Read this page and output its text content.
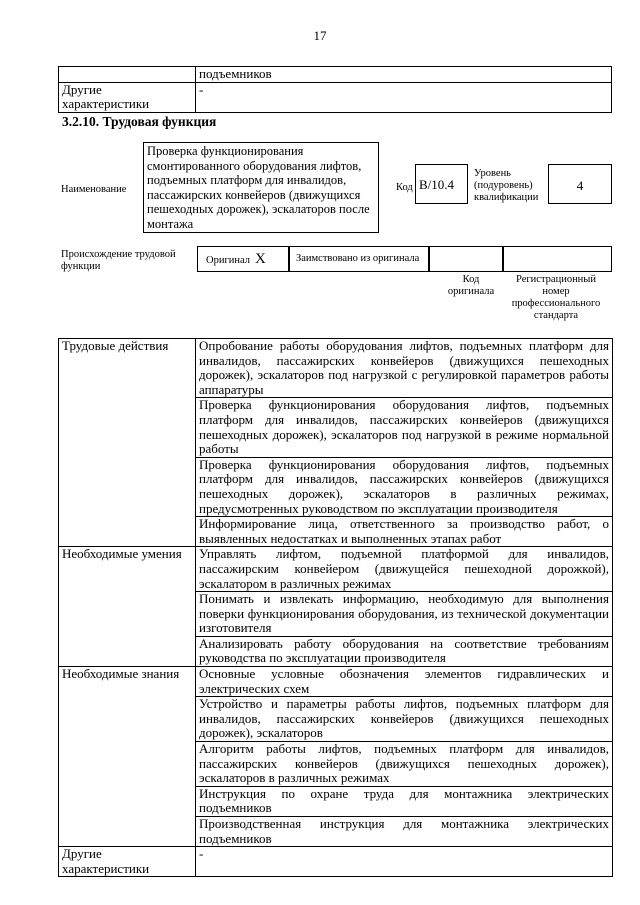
17
	подъемников
Другие характеристики	-
3.2.10. Трудовая функция
Наименование
Проверка функционирования смонтированного оборудования лифтов, подъемных платформ для инвалидов, пассажирских конвейеров (движущихся пешеходных дорожек), эскалаторов после монтажа
Код B/10.4
Уровень (подуровень) квалификации
4
Происхождение трудовой функции
Оригинал X	Заимствовано из оригинала
Код оригинала
Регистрационный номер профессионального стандарта
Трудовые действия	Опробование работы оборудования лифтов, подъемных платформ для инвалидов, пассажирских конвейеров (движущихся пешеходных дорожек), эскалаторов под нагрузкой с регулировкой параметров работы аппаратуры
	Проверка функционирования оборудования лифтов, подъемных платформ для инвалидов, пассажирских конвейеров (движущихся пешеходных дорожек), эскалаторов под нагрузкой в режиме нормальной работы
	Проверка функционирования оборудования лифтов, подъемных платформ для инвалидов, пассажирских конвейеров (движущихся пешеходных дорожек), эскалаторов в различных режимах, предусмотренных руководством по эксплуатации производителя
	Информирование лица, ответственного за производство работ, о выявленных недостатках и выполненных этапах работ
Необходимые умения	Управлять лифтом, подъемной платформой для инвалидов, пассажирским конвейером (движущейся пешеходной дорожкой), эскалатором в различных режимах
	Понимать и извлекать информацию, необходимую для выполнения поверки функционирования оборудования, из технической документации изготовителя
	Анализировать работу оборудования на соответствие требованиям руководства по эксплуатации производителя
Необходимые знания	Основные условные обозначения элементов гидравлических и электрических схем
	Устройство и параметры работы лифтов, подъемных платформ для инвалидов, пассажирских конвейеров (движущихся пешеходных дорожек), эскалаторов
	Алгоритм работы лифтов, подъемных платформ для инвалидов, пассажирских конвейеров (движущихся пешеходных дорожек), эскалаторов в различных режимах
	Инструкция по охране труда для монтажника электрических подъемников
	Производственная инструкция для монтажника электрических подъемников
Другие характеристики	-
